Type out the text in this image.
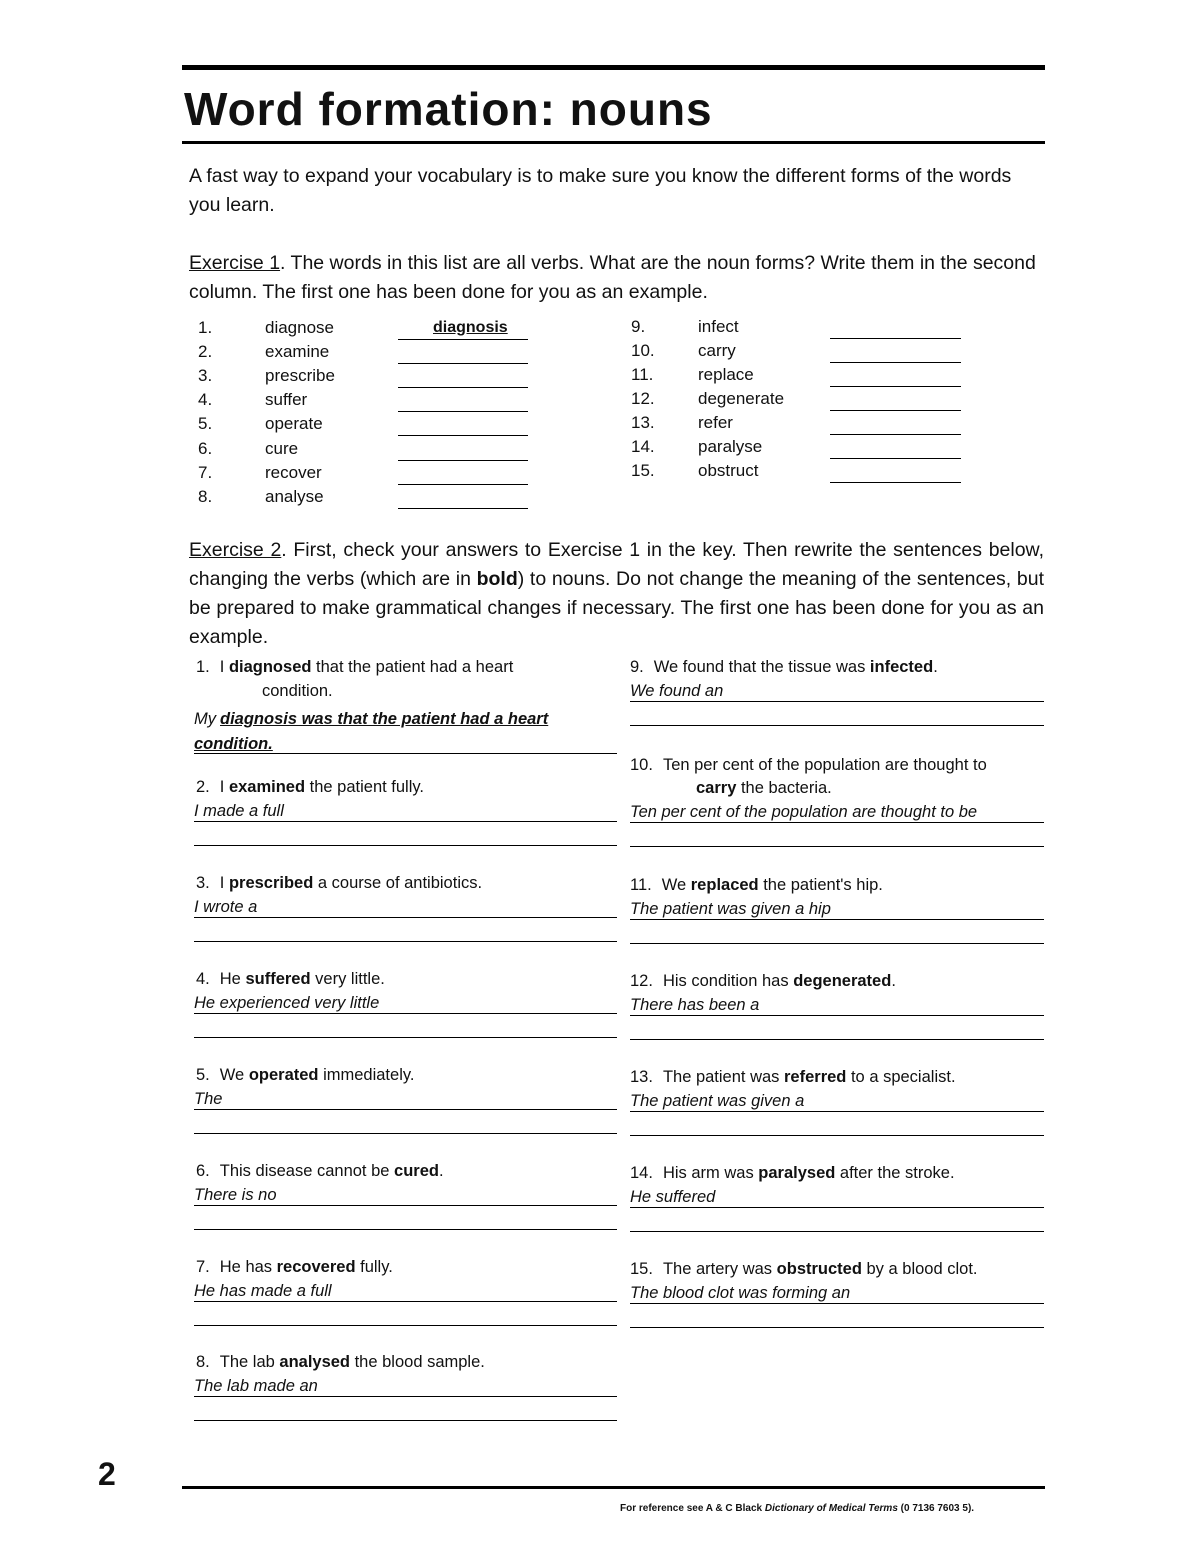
Word formation: nouns
A fast way to expand your vocabulary is to make sure you know the different forms of the words you learn.
Exercise 1. The words in this list are all verbs. What are the noun forms? Write them in the second column. The first one has been done for you as an example.
1.	diagnose	diagnosis
2.	examine
3.	prescribe
4.	suffer
5.	operate
6.	cure
7.	recover
8.	analyse
9.	infect
10.	carry
11.	replace
12.	degenerate
13.	refer
14.	paralyse
15.	obstruct
Exercise 2. First, check your answers to Exercise 1 in the key. Then rewrite the sentences below, changing the verbs (which are in bold) to nouns. Do not change the meaning of the sentences, but be prepared to make grammatical changes if necessary. The first one has been done for you as an example.
1. I diagnosed that the patient had a heart
condition.
My diagnosis was that the patient had a heart condition.
2. I examined the patient fully.
I made a full
3. I prescribed a course of antibiotics.
I wrote a
4. He suffered very little.
He experienced very little
5. We operated immediately.
The
6. This disease cannot be cured.
There is no
7. He has recovered fully.
He has made a full
8. The lab analysed the blood sample.
The lab made an
9. We found that the tissue was infected.
We found an
10. Ten per cent of the population are thought to
carry the bacteria.
Ten per cent of the population are thought to be
11. We replaced the patient's hip.
The patient was given a hip
12. His condition has degenerated.
There has been a
13. The patient was referred to a specialist.
The patient was given a
14. His arm was paralysed after the stroke.
He suffered
15. The artery was obstructed by a blood clot.
The blood clot was forming an
2
For reference see A & C Black Dictionary of Medical Terms (0 7136 7603 5).
